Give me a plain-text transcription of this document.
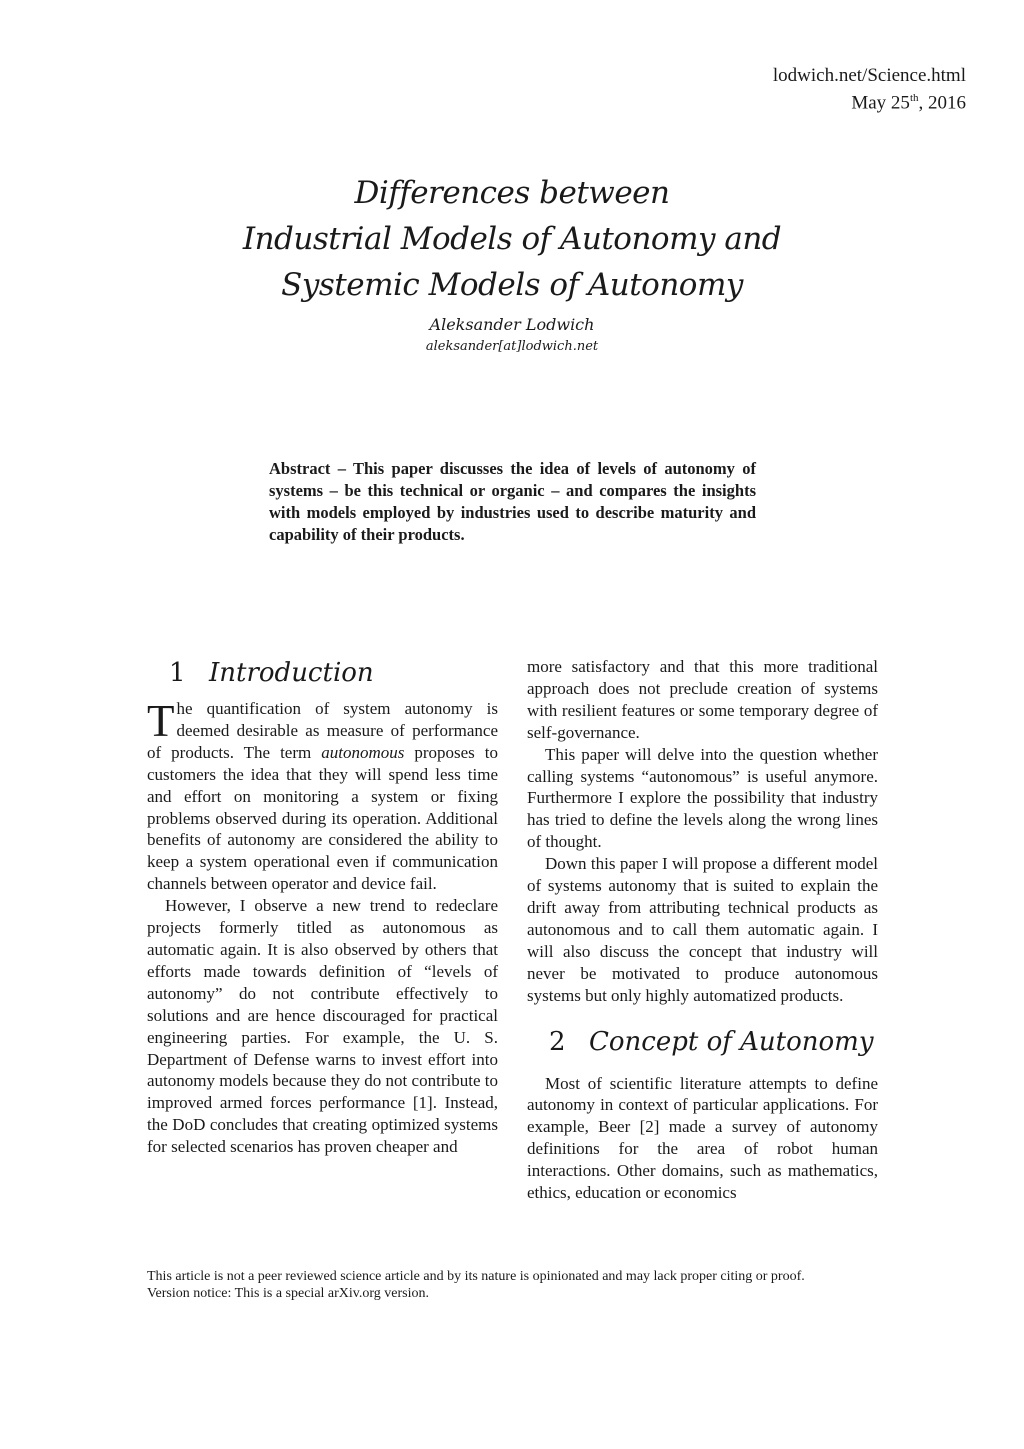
lodwich.net/Science.html
May 25th, 2016
Differences between
Industrial Models of Autonomy and
Systemic Models of Autonomy
Aleksander Lodwich
aleksander[at]lodwich.net
Abstract – This paper discusses the idea of levels of autonomy of systems – be this technical or organic – and compares the insights with models employed by industries used to describe maturity and capability of their products.
1 Introduction

The quantification of system autonomy is deemed desirable as measure of performance of products. The term autonomous proposes to customers the idea that they will spend less time and effort on monitoring a system or fixing problems observed during its operation. Additional benefits of autonomy are considered the ability to keep a system operational even if communication channels between operator and device fail.

However, I observe a new trend to redeclare projects formerly titled as autonomous as automatic again. It is also observed by others that efforts made towards definition of “levels of autonomy” do not contribute effectively to solutions and are hence discouraged for practical engineering parties. For example, the U. S. Department of Defense warns to invest effort into autonomy models because they do not contribute to improved armed forces performance [1]. Instead, the DoD concludes that creating optimized systems for selected scenarios has proven cheaper and

more satisfactory and that this more traditional approach does not preclude creation of systems with resilient features or some temporary degree of self-governance.

This paper will delve into the question whether calling systems “autonomous” is useful anymore. Furthermore I explore the possibility that industry has tried to define the levels along the wrong lines of thought.

Down this paper I will propose a different model of systems autonomy that is suited to explain the drift away from attributing technical products as autonomous and to call them automatic again. I will also discuss the concept that industry will never be motivated to produce autonomous systems but only highly automatized products.

2 Concept of Autonomy

Most of scientific literature attempts to define autonomy in context of particular applications. For example, Beer [2] made a survey of autonomy definitions for the area of robot human interactions. Other domains, such as mathematics, ethics, education or economics

This article is not a peer reviewed science article and by its nature is opinionated and may lack proper citing or proof.
Version notice: This is a special arXiv.org version.
